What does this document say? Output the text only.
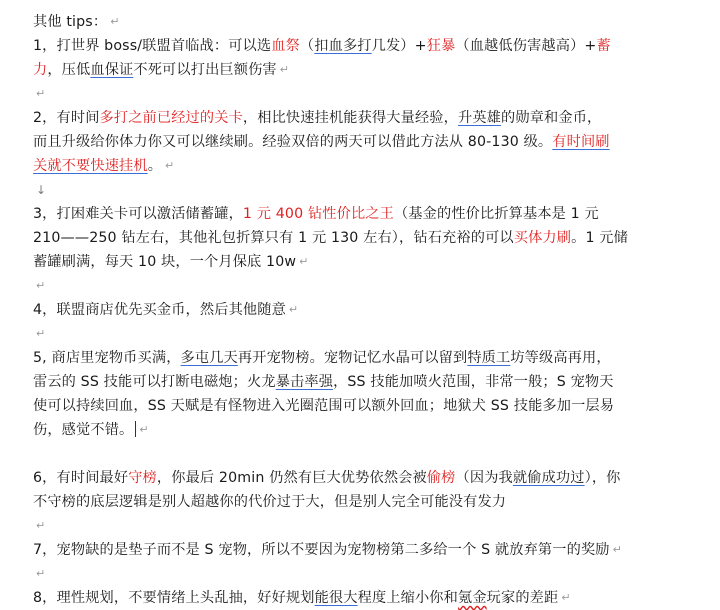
其他 tips： ↵
1，打世界 boss/联盟首临战：可以选血祭（扣血多打几发）+狂暴（血越低伤害越高）+蓄
力，压低血保证不死可以打出巨额伤害 ↵
↵
2，有时间多打之前已经过的关卡，相比快速挂机能获得大量经验，升英雄的勋章和金币，
而且升级给你体力你又可以继续刷。经验双倍的两天可以借此方法从 80-130 级。有时间刷
关就不要快速挂机。 ↵
↓
3，打困难关卡可以激活储蓄罐，1 元 400 钻性价比之王（基金的性价比折算基本是 1 元
210——250 钻左右，其他礼包折算只有 1 元 130 左右），钻石充裕的可以买体力刷。1 元储
蓄罐刷满，每天 10 块，一个月保底 10w ↵
↵
4，联盟商店优先买金币，然后其他随意 ↵
↵
5, 商店里宠物币买满，多屯几天再开宠物榜。宠物记忆水晶可以留到特质工坊等级高再用，
雷云的 SS 技能可以打断电磁炮；火龙暴击率强，SS 技能加喷火范围，非常一般；S 宠物天
使可以持续回血，SS 天赋是有怪物进入光圈范围可以额外回血；地狱犬 SS 技能多加一层易
伤，感觉不错。 ↵
6，有时间最好守榜，你最后 20min 仍然有巨大优势依然会被偷榜（因为我就偷成功过），你
不守榜的底层逻辑是别人超越你的代价过于大，但是别人完全可能没有发力
↵
7，宠物缺的是垫子而不是 S 宠物，所以不要因为宠物榜第二多给一个 S 就放弃第一的奖励 ↵
↵
8，理性规划，不要情绪上头乱抽，好好规划能很大程度上缩小你和氪金玩家的差距 ↵
